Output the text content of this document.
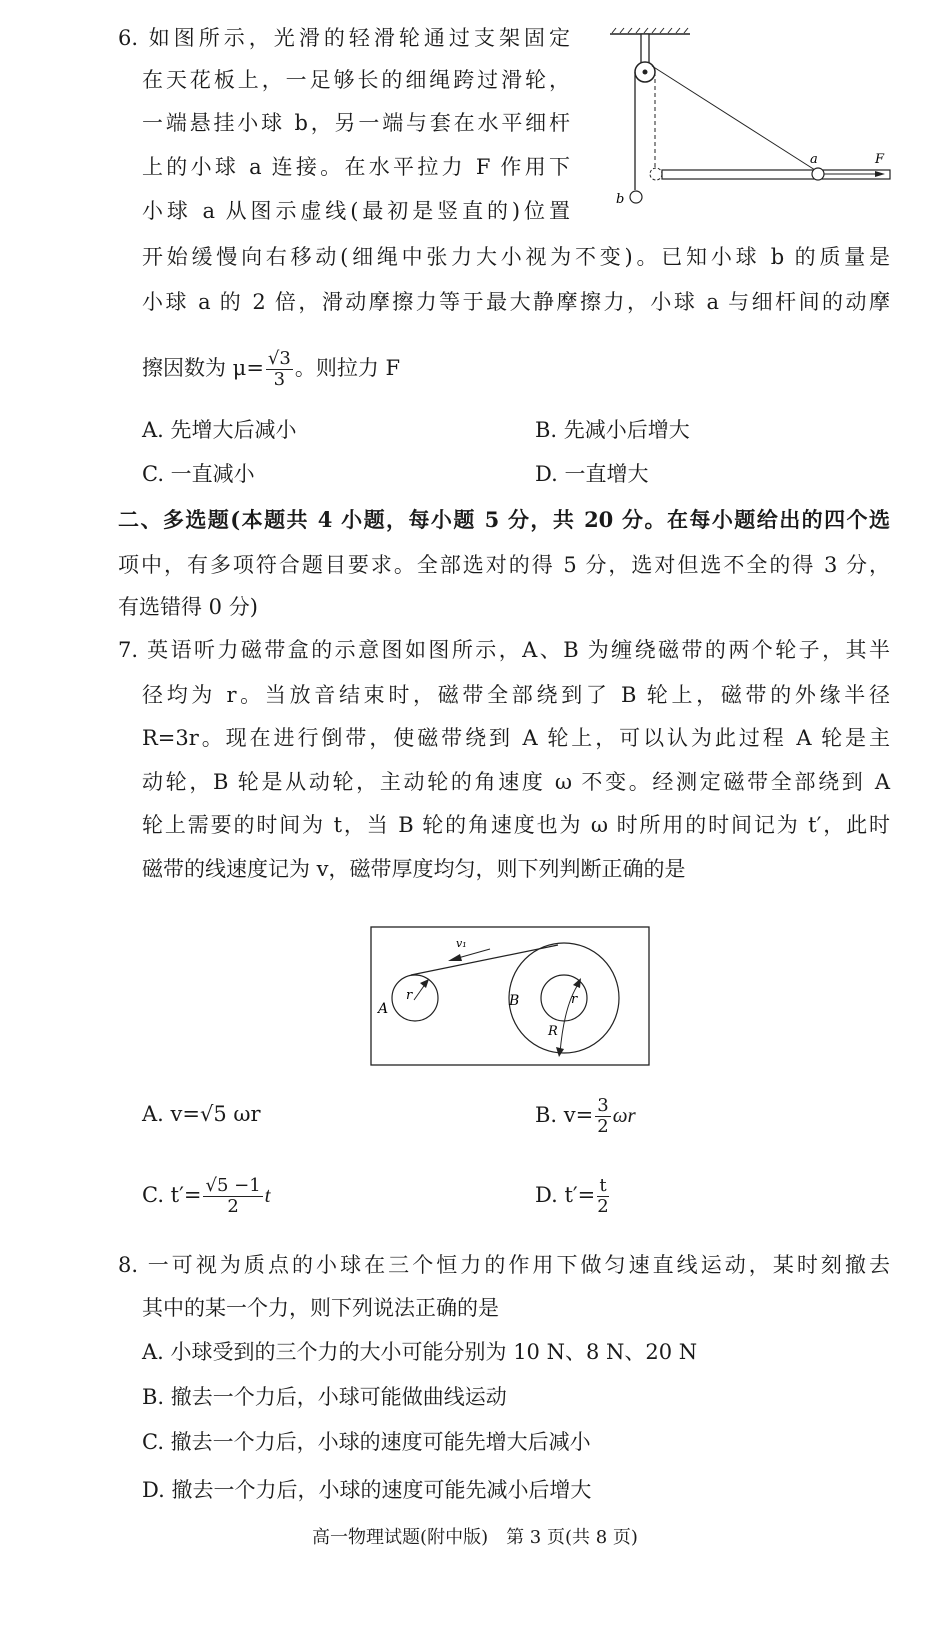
6. 如图所示，光滑的轻滑轮通过支架固定
在天花板上，一足够长的细绳跨过滑轮，
一端悬挂小球 b，另一端与套在水平细杆
上的小球 a 连接。在水平拉力 F 作用下
小球 a 从图示虚线(最初是竖直的)位置
开始缓慢向右移动(细绳中张力大小视为不变)。已知小球 b 的质量是
小球 a 的 2 倍，滑动摩擦力等于最大静摩擦力，小球 a 与细杆间的动摩
擦因数为 $\mu= \frac{√3}{3}$ 。则拉力 F
A. 先增大后减小	B. 先减小后增大
C. 一直减小	D. 一直增大
b
a	F
二、多选题(本题共 4 小题，每小题 5 分，共 20 分。在每小题给出的四个选
项中，有多项符合题目要求。全部选对的得 5 分，选对但选不全的得 3 分，
有选错得 0 分)
7. 英语听力磁带盒的示意图如图所示，A、B 为缠绕磁带的两个轮子，其半
径均为 r。当放音结束时，磁带全部绕到了 B 轮上，磁带的外缘半径
R=3r。现在进行倒带，使磁带绕到 A 轮上，可以认为此过程 A 轮是主
动轮，B 轮是从动轮，主动轮的角速度 ω 不变。经测定磁带全部绕到 A
轮上需要的时间为 t，当 B 轮的角速度也为 ω 时所用的时间记为 t′，此时
磁带的线速度记为 v，磁带厚度均匀，则下列判断正确的是
v₁
r
A	B	r
R
A. v=√5 ωr	B. $v= \frac{3}{2}$ ωr
C. $t'= \frac{√5 -1}{2}$ t	D. $t'= \frac{t}{2}$
8. 一可视为质点的小球在三个恒力的作用下做匀速直线运动，某时刻撤去
其中的某一个力，则下列说法正确的是
A. 小球受到的三个力的大小可能分别为 10 N、8 N、20 N
B. 撤去一个力后，小球可能做曲线运动
C. 撤去一个力后，小球的速度可能先增大后减小
D. 撤去一个力后，小球的速度可能先减小后增大
高一物理试题(附中版)　第 3 页(共 8 页)
